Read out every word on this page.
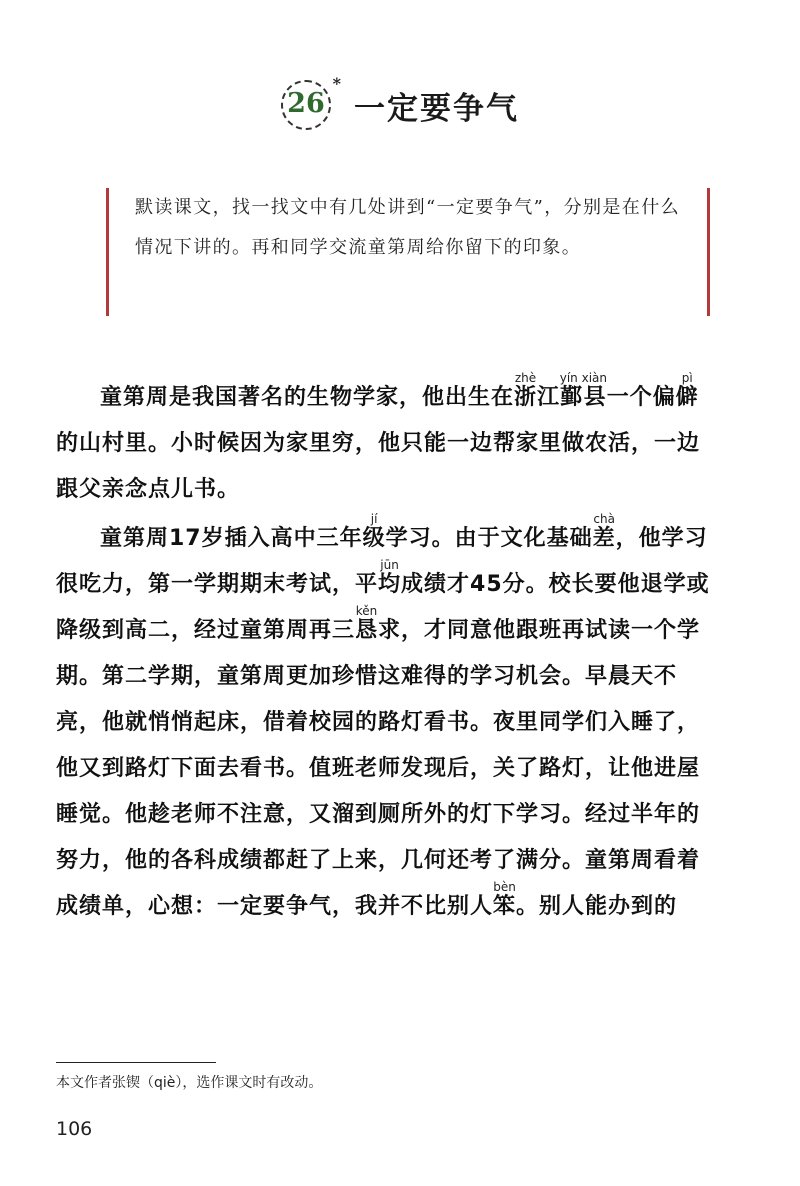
26
*
一定要争气

默读课文，找一找文中有几处讲到“一定要争气”，分别是在什么情况下讲的。再和同学交流童第周给你留下的印象。

童第周是我国著名的生物学家，他出生在浙zhè江鄞县yín xiàn一个偏僻pì的山村里。小时候因为家里穷，他只能一边帮家里做农活，一边跟父亲念点儿书。

童第周17岁插入高中三年级jí学习。由于文化基础差chà，他学习很吃力，第一学期期末考试，平均jūn成绩才45分。校长要他退学或降级到高二，经过童第周再三恳kěn求，才同意他跟班再试读一个学期。第二学期，童第周更加珍惜这难得的学习机会。早晨天不亮，他就悄悄起床，借着校园的路灯看书。夜里同学们入睡了，他又到路灯下面去看书。值班老师发现后，关了路灯，让他进屋睡觉。他趁老师不注意，又溜到厕所外的灯下学习。经过半年的努力，他的各科成绩都赶了上来，几何还考了满分。童第周看着成绩单，心想：一定要争气，我并不比别人笨bèn。别人能办到的

本文作者张锲（qiè），选作课文时有改动。
106
